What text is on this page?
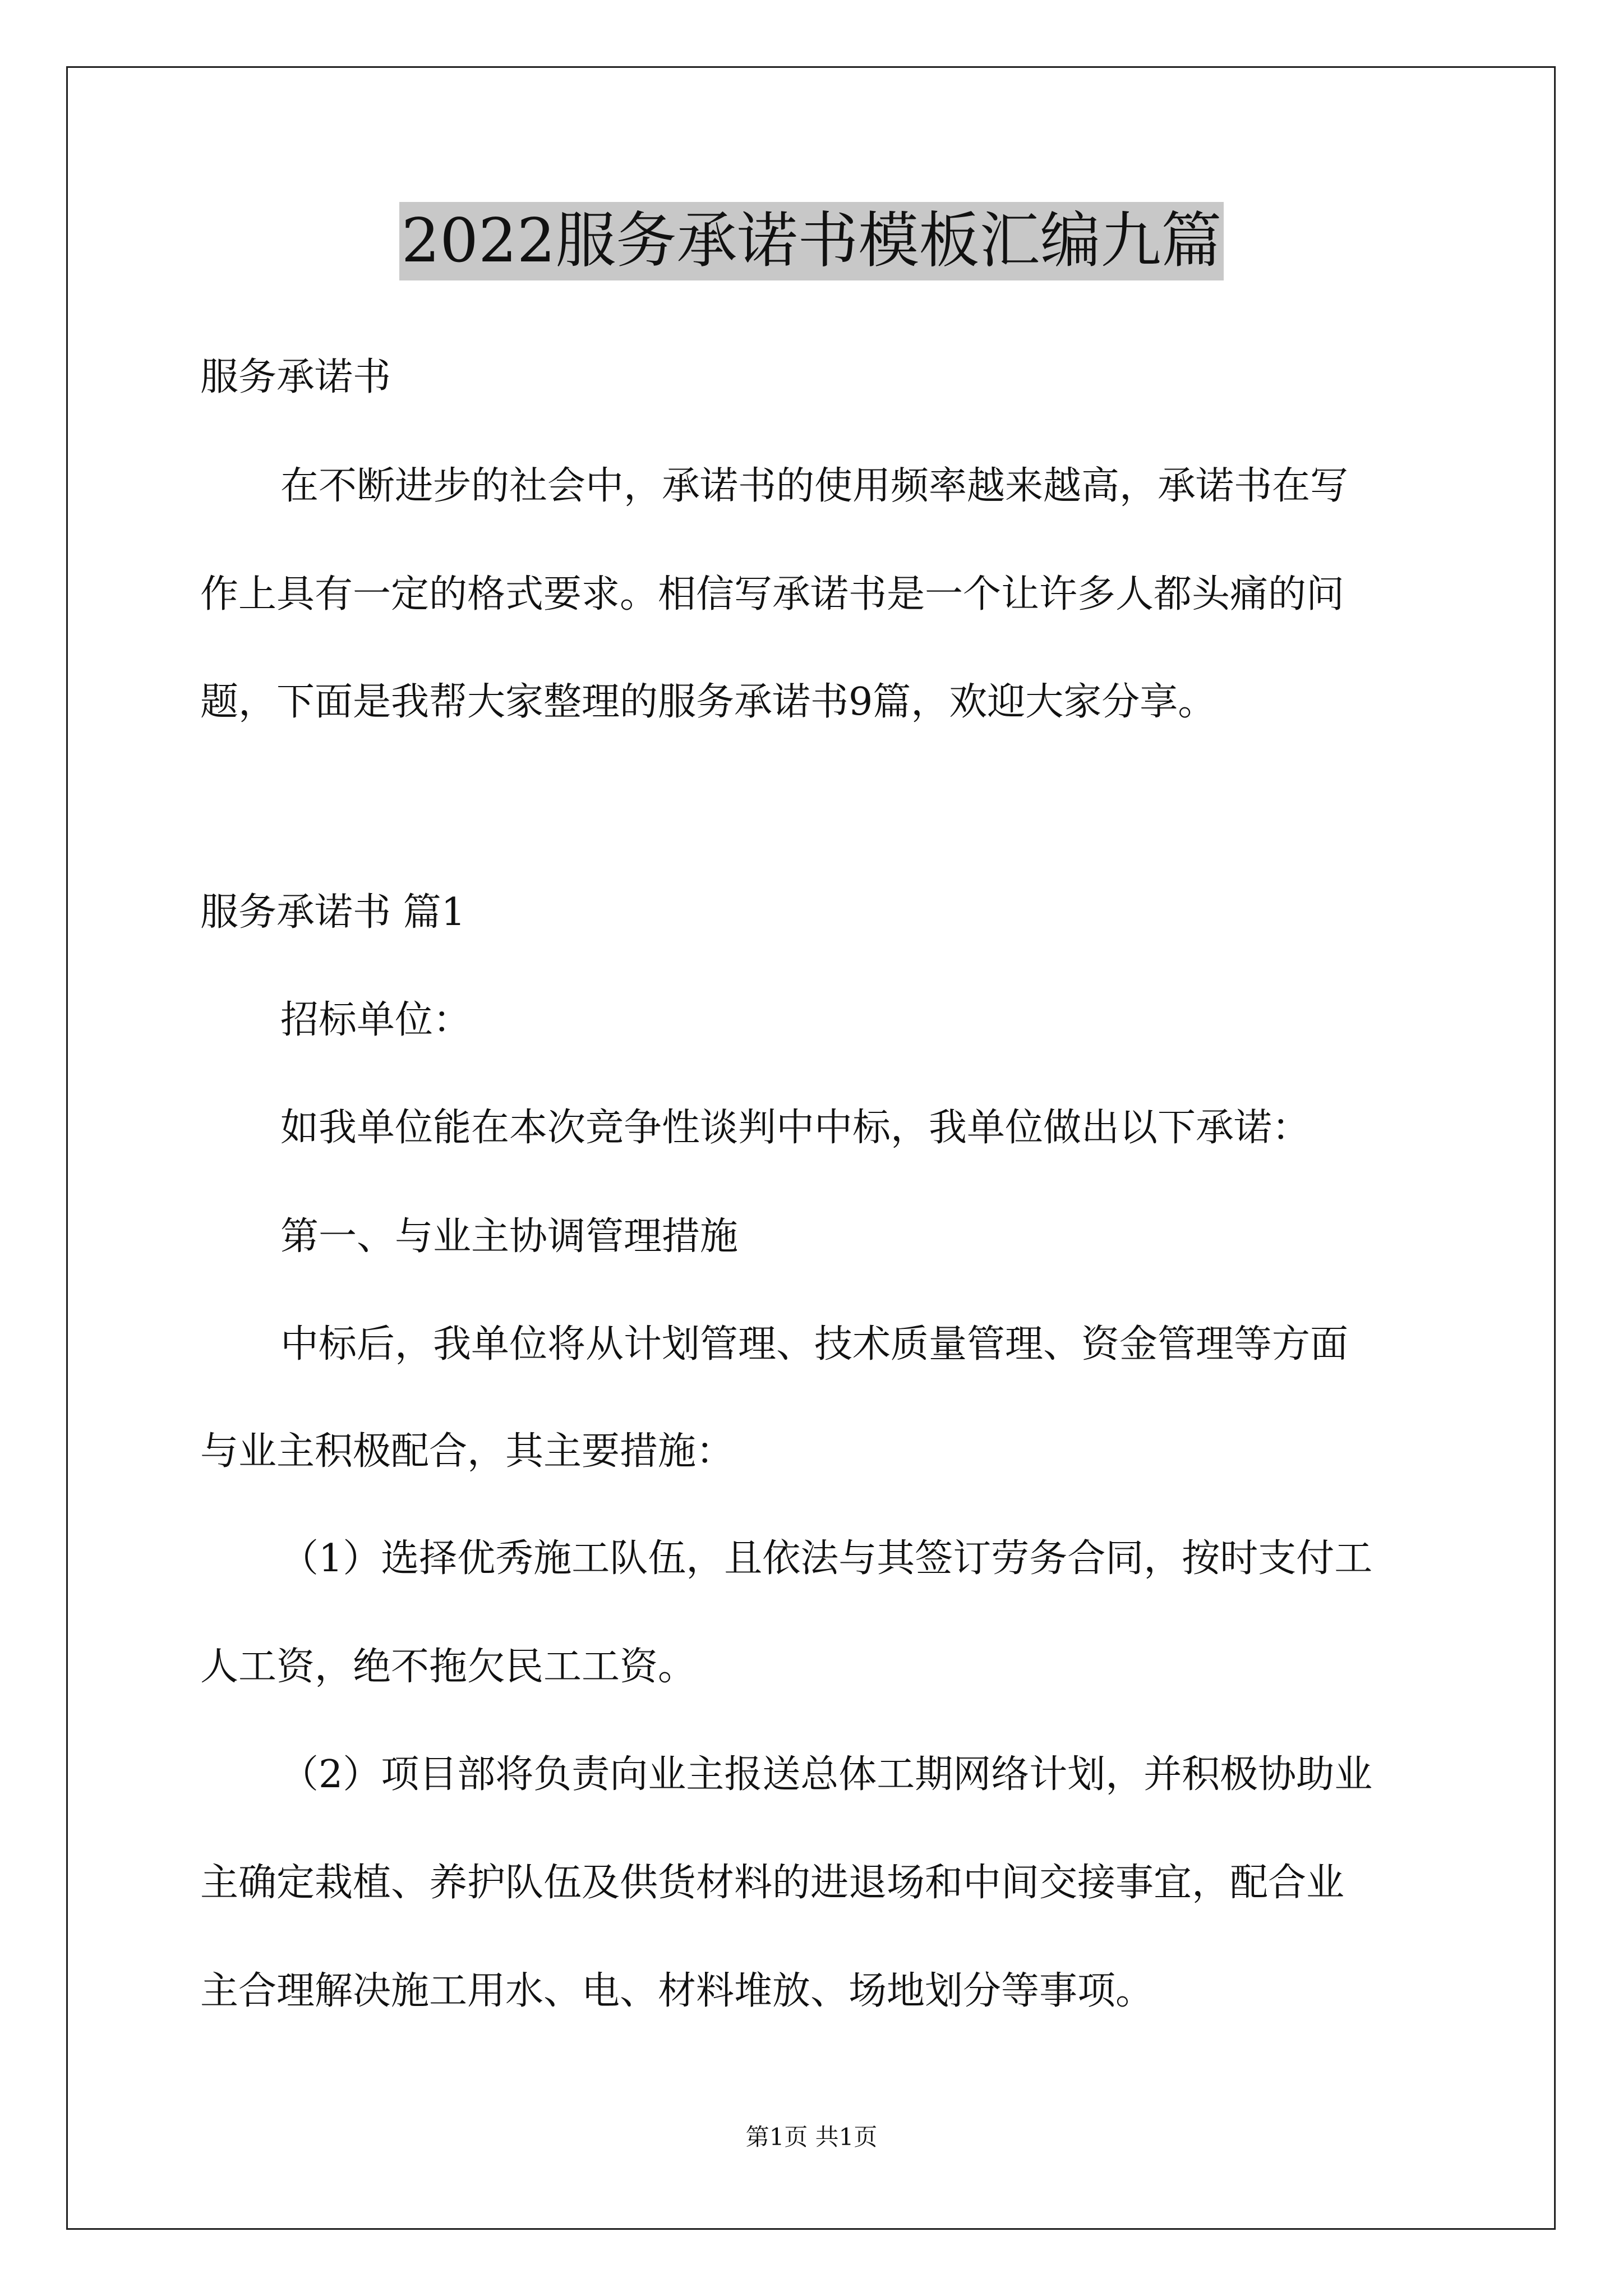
2022服务承诺书模板汇编九篇
服务承诺书
在不断进步的社会中，承诺书的使用频率越来越高，承诺书在写
作上具有一定的格式要求。相信写承诺书是一个让许多人都头痛的问
题，下面是我帮大家整理的服务承诺书9篇，欢迎大家分享。
服务承诺书 篇1
招标单位：
如我单位能在本次竞争性谈判中中标，我单位做出以下承诺：
第一、与业主协调管理措施
中标后，我单位将从计划管理、技术质量管理、资金管理等方面
与业主积极配合，其主要措施：
（1）选择优秀施工队伍，且依法与其签订劳务合同，按时支付工
人工资，绝不拖欠民工工资。
（2）项目部将负责向业主报送总体工期网络计划，并积极协助业
主确定栽植、养护队伍及供货材料的进退场和中间交接事宜，配合业
主合理解决施工用水、电、材料堆放、场地划分等事项。
第1页 共1页
